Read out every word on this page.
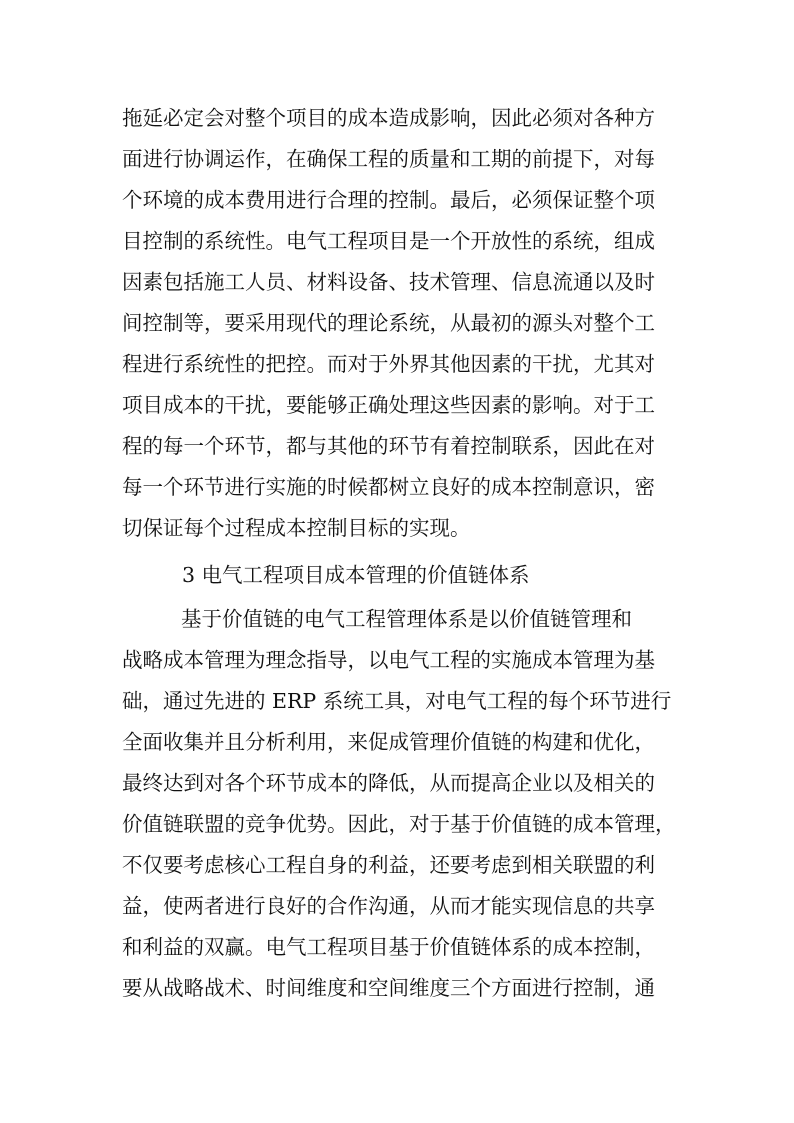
拖延必定会对整个项目的成本造成影响，因此必须对各种方
面进行协调运作，在确保工程的质量和工期的前提下，对每
个环境的成本费用进行合理的控制。最后，必须保证整个项
目控制的系统性。电气工程项目是一个开放性的系统，组成
因素包括施工人员、材料设备、技术管理、信息流通以及时
间控制等，要采用现代的理论系统，从最初的源头对整个工
程进行系统性的把控。而对于外界其他因素的干扰，尤其对
项目成本的干扰，要能够正确处理这些因素的影响。对于工
程的每一个环节，都与其他的环节有着控制联系，因此在对
每一个环节进行实施的时候都树立良好的成本控制意识，密
切保证每个过程成本控制目标的实现。
3 电气工程项目成本管理的价值链体系
基于价值链的电气工程管理体系是以价值链管理和
战略成本管理为理念指导，以电气工程的实施成本管理为基
础，通过先进的 ERP 系统工具，对电气工程的每个环节进行
全面收集并且分析利用，来促成管理价值链的构建和优化，
最终达到对各个环节成本的降低，从而提高企业以及相关的
价值链联盟的竞争优势。因此，对于基于价值链的成本管理，
不仅要考虑核心工程自身的利益，还要考虑到相关联盟的利
益，使两者进行良好的合作沟通，从而才能实现信息的共享
和利益的双赢。电气工程项目基于价值链体系的成本控制，
要从战略战术、时间维度和空间维度三个方面进行控制，通
